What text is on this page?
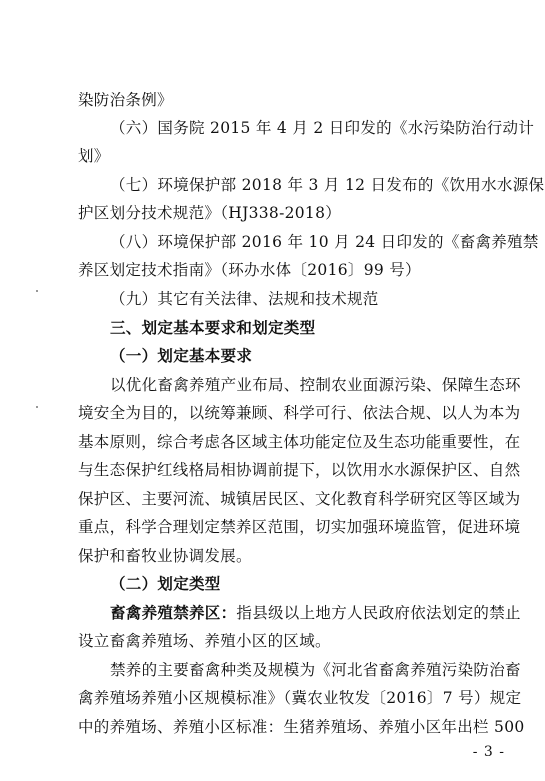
染防治条例》
（六）国务院 2015 年 4 月 2 日印发的《水污染防治行动计
划》
（七）环境保护部 2018 年 3 月 12 日发布的《饮用水水源保
护区划分技术规范》（HJ338-2018）
（八）环境保护部 2016 年 10 月 24 日印发的《畜禽养殖禁
养区划定技术指南》（环办水体〔2016〕99 号）
（九）其它有关法律、法规和技术规范
三、划定基本要求和划定类型
（一）划定基本要求
以优化畜禽养殖产业布局、控制农业面源污染、保障生态环
境安全为目的，以统筹兼顾、科学可行、依法合规、以人为本为
基本原则，综合考虑各区域主体功能定位及生态功能重要性，在
与生态保护红线格局相协调前提下，以饮用水水源保护区、自然
保护区、主要河流、城镇居民区、文化教育科学研究区等区域为
重点，科学合理划定禁养区范围，切实加强环境监管，促进环境
保护和畜牧业协调发展。
（二）划定类型
畜禽养殖禁养区：指县级以上地方人民政府依法划定的禁止
设立畜禽养殖场、养殖小区的区域。
禁养的主要畜禽种类及规模为《河北省畜禽养殖污染防治畜
禽养殖场养殖小区规模标准》（冀农业牧发〔2016〕7 号）规定
中的养殖场、养殖小区标准：生猪养殖场、养殖小区年出栏 500
- 3 -
